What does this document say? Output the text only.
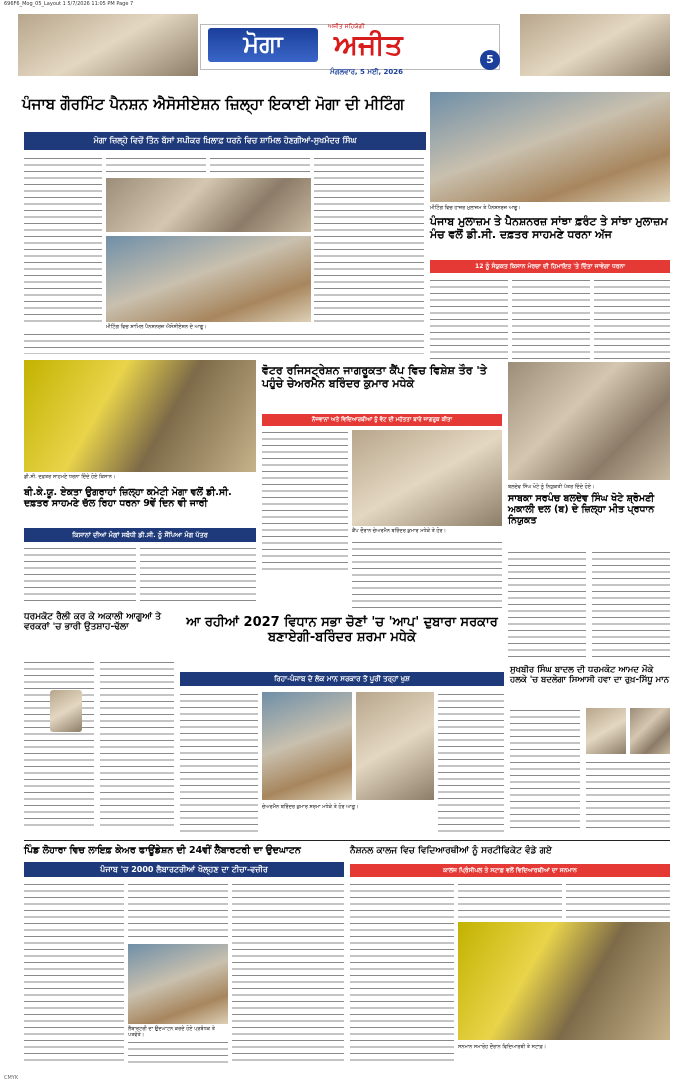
696F6_Mog_05_Layout 1 5/7/2026 11:05 PM Page 7
ਮੋਗਾ
ਅਜੀਤ ਸਹਿਯੋਗੀ
ਅਜੀਤ
ਮੰਗਲਵਾਰ, 5 ਮਈ, 2026
5
ਪੰਜਾਬ ਗੌਰਮਿੰਟ ਪੈਨਸ਼ਨ ਐਸੋਸੀਏਸ਼ਨ ਜ਼ਿਲ੍ਹਾ ਇਕਾਈ ਮੋਗਾ ਦੀ ਮੀਟਿੰਗ
ਮੋਗਾ ਜ਼ਿਲ੍ਹੇ ਵਿਚੋਂ ਤਿੰਨ ਬੱਸਾਂ ਸਪੀਕਰ ਖ਼ਿਲਾਫ਼ ਧਰਨੇ ਵਿਚ ਸ਼ਾਮਿਲ ਹੋਣਗੀਆਂ-ਸੁਖਮੰਦਰ ਸਿੰਘ
ਮੀਟਿੰਗ ਵਿਚ ਸ਼ਾਮਿਲ ਪੈਨਸ਼ਨਰਜ਼ ਐਸੋਸੀਏਸ਼ਨ ਦੇ ਆਗੂ।
ਮੀਟਿੰਗ ਵਿਚ ਹਾਜ਼ਰ ਮੁਲਾਜ਼ਮ ਤੇ ਪੈਨਸ਼ਨਰਜ਼ ਆਗੂ।
ਪੰਜਾਬ ਮੁਲਾਜ਼ਮ ਤੇ ਪੈਨਸ਼ਨਰਜ਼ ਸਾਂਝਾ ਫ਼ਰੰਟ ਤੇ ਸਾਂਝਾ ਮੁਲਾਜ਼ਮ ਮੰਚ ਵਲੋਂ ਡੀ.ਸੀ. ਦਫ਼ਤਰ ਸਾਹਮਣੇ ਧਰਨਾ ਅੱਜ
12 ਨੂੰ ਸੰਯੁਕਤ ਕਿਸਾਨ ਮੋਰਚਾ ਦੀ ਹਿਮਾਇਤ 'ਤੇ ਦਿੱਤਾ ਜਾਵੇਗਾ ਧਰਨਾ
ਡੀ.ਸੀ. ਦਫ਼ਤਰ ਸਾਹਮਣੇ ਧਰਨਾ ਦਿੰਦੇ ਹੋਏ ਕਿਸਾਨ।
ਬੀ.ਕੇ.ਯੂ. ਏਕਤਾ ਉਗਰਾਹਾਂ ਜ਼ਿਲ੍ਹਾ ਕਮੇਟੀ ਮੋਗਾ ਵਲੋਂ ਡੀ.ਸੀ. ਦਫ਼ਤਰ ਸਾਹਮਣੇ ਚੱਲ ਰਿਹਾ ਧਰਨਾ 9ਵੇਂ ਦਿਨ ਵੀ ਜਾਰੀ
ਕਿਸਾਨਾਂ ਦੀਆਂ ਮੰਗਾਂ ਸਬੰਧੀ ਡੀ.ਸੀ. ਨੂੰ ਸੌਂਪਿਆ ਮੰਗ ਪੱਤਰ
ਵੋਟਰ ਰਜਿਸਟ੍ਰੇਸ਼ਨ ਜਾਗਰੂਕਤਾ ਕੈਂਪ ਵਿਚ ਵਿਸ਼ੇਸ਼ ਤੌਰ 'ਤੇ ਪਹੁੰਚੇ ਚੇਅਰਮੈਨ ਬਰਿੰਦਰ ਕੁਮਾਰ ਮਧੇਕੇ
ਨੌਜਵਾਨਾਂ ਅਤੇ ਵਿਦਿਆਰਥੀਆਂ ਨੂੰ ਵੋਟ ਦੀ ਮਹੱਤਤਾ ਬਾਰੇ ਜਾਗਰੂਕ ਕੀਤਾ
ਕੈਂਪ ਦੌਰਾਨ ਚੇਅਰਮੈਨ ਬਰਿੰਦਰ ਕੁਮਾਰ ਮਧੇਕੇ ਤੇ ਹੋਰ।
ਬਲਦੇਵ ਸਿੰਘ ਖੋਟੇ ਨੂੰ ਨਿਯੁਕਤੀ ਪੱਤਰ ਦਿੰਦੇ ਹੋਏ।
ਸਾਬਕਾ ਸਰਪੰਚ ਬਲਦੇਵ ਸਿੰਘ ਖੋਟੇ ਸ਼੍ਰੋਮਣੀ ਅਕਾਲੀ ਦਲ (ਬ) ਦੇ ਜ਼ਿਲ੍ਹਾ ਮੀਤ ਪ੍ਰਧਾਨ ਨਿਯੁਕਤ
ਧਰਮਕੋਟ ਰੈਲੀ ਕਰ ਕੇ ਅਕਾਲੀ ਆਗੂਆਂ ਤੇ ਵਰਕਰਾਂ 'ਚ ਭਾਰੀ ਉਤਸ਼ਾਹ-ਢੱਲਾ	ਆ ਰਹੀਆਂ 2027 ਵਿਧਾਨ ਸਭਾ ਚੋਣਾਂ 'ਚ 'ਆਪ' ਦੁਬਾਰਾ ਸਰਕਾਰ ਬਣਾਏਗੀ-ਬਰਿੰਦਰ ਸ਼ਰਮਾ ਮਧੇਕੇ
ਰਿਹਾ-ਪੰਜਾਬ ਦੇ ਲੋਕ ਮਾਨ ਸਰਕਾਰ ਤੋਂ ਪੂਰੀ ਤਰ੍ਹਾਂ ਖੁਸ਼
ਚੇਅਰਮੈਨ ਬਰਿੰਦਰ ਕੁਮਾਰ ਸ਼ਰਮਾ ਮਧੇਕੇ ਤੇ ਹੋਰ ਆਗੂ।
ਸੁਖਬੀਰ ਸਿੰਘ ਬਾਦਲ ਦੀ ਧਰਮਕੋਟ ਆਮਦ ਮੌਕੇ ਹਲਕੇ 'ਚ ਬਦਲੇਗਾ ਸਿਆਸੀ ਹਵਾ ਦਾ ਰੁਖ਼-ਸਿੱਧੂ ਮਾਨ
ਪਿੰਡ ਲੋਹਾਰਾ ਵਿਚ ਲਾਇਫ਼ ਕੇਅਰ ਫਾਊਂਡੇਸ਼ਨ ਦੀ 24ਵੀਂ ਲੈਬਾਰਟਰੀ ਦਾ ਉਦਘਾਟਨ
ਪੰਜਾਬ 'ਚ 2000 ਲੈਬਾਰਟਰੀਆਂ ਖੋਲ੍ਹਣ ਦਾ ਟੀਚਾ-ਵਜ਼ੀਰ
ਲੈਬਾਰਟਰੀ ਦਾ ਉਦਘਾਟਨ ਕਰਦੇ ਹੋਏ ਪ੍ਰਬੰਧਕ ਤੇ ਪਤਵੰਤੇ।
ਨੈਸ਼ਨਲ ਕਾਲਜ ਵਿਚ ਵਿਦਿਆਰਥੀਆਂ ਨੂੰ ਸਰਟੀਫਿਕੇਟ ਵੰਡੇ ਗਏ
ਕਾਲਜ ਪ੍ਰਿੰਸੀਪਲ ਤੇ ਸਟਾਫ਼ ਵਲੋਂ ਵਿਦਿਆਰਥੀਆਂ ਦਾ ਸਨਮਾਨ
ਸਨਮਾਨ ਸਮਾਰੋਹ ਦੌਰਾਨ ਵਿਦਿਆਰਥੀ ਤੇ ਸਟਾਫ਼।
CMYK
